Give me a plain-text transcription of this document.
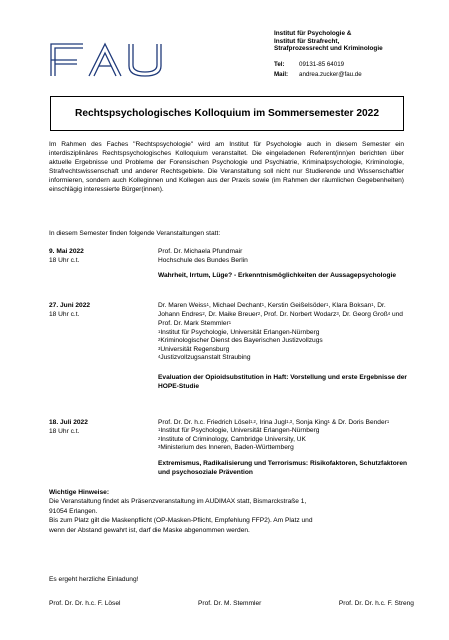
Institut für Psychologie &
Institut für Strafrecht,
Strafprozessrecht und Kriminologie
Tel:	09131-85 64019
Mail:	andrea.zucker@fau.de
Rechtspsychologisches Kolloquium im Sommersemester 2022
Im Rahmen des Faches "Rechtspsychologie" wird am Institut für Psychologie auch in diesem Semester ein interdisziplinäres Rechtspsychologisches Kolloquium veranstaltet. Die eingeladenen Referent(inn)en berichten über aktuelle Ergebnisse und Probleme der Forensischen Psychologie und Psychiatrie, Kriminalpsychologie, Kriminologie, Strafrechtswissenschaft und anderer Rechtsgebiete. Die Veranstaltung soll nicht nur Studierende und Wissenschaftler informieren, sondern auch Kolleginnen und Kollegen aus der Praxis sowie (im Rahmen der räumlichen Gegebenheiten) einschlägig interessierte Bürger(innen).
In diesem Semester finden folgende Veranstaltungen statt:
9. Mai 2022
18 Uhr c.t.
Prof. Dr. Michaela Pfundmair
Hochschule des Bundes Berlin
Wahrheit, Irrtum, Lüge? - Erkenntnismöglichkeiten der Aussagepsychologie
27. Juni 2022
18 Uhr c.t.
Dr. Maren Weiss$^1$, Michael Dechant$^1$, Kerstin Geißelsöder$^1$, Klara Boksan$^1$, Dr. Johann Endres$^2$, Dr. Maike Breuer$^2$, Prof. Dr. Norbert Wodarz$^3$, Dr. Georg Groß$^4$ und Prof. Dr. Mark Stemmler$^1$
$^1$Institut für Psychologie, Universität Erlangen-Nürnberg
$^2$Kriminologischer Dienst des Bayerischen Justizvollzugs
$^3$Universität Regensburg
$^4$Justizvollzugsanstalt Straubing
Evaluation der Opioidsubstitution in Haft: Vorstellung und erste Ergebnisse der HOPE-Studie
18. Juli 2022
18 Uhr c.t.
Prof. Dr. Dr. h.c. Friedrich Lösel$^{1,2}$, Irina Jugl$^{1,3}$, Sonja King$^1$ & Dr. Doris Bender$^1$
$^1$Institut für Psychologie, Universität Erlangen-Nürnberg
$^2$Institute of Criminology, Cambridge University, UK
$^3$Ministerium des Inneren, Baden-Württemberg
Extremismus, Radikalisierung und Terrorismus: Risikofaktoren, Schutzfaktoren und psychosoziale Prävention
Wichtige Hinweise:
Die Veranstaltung findet als Präsenzveranstaltung im AUDIMAX statt, Bismarckstraße 1,
91054 Erlangen.
Bis zum Platz gilt die Maskenpflicht (OP-Masken-Pflicht, Empfehlung FFP2). Am Platz und
wenn der Abstand gewahrt ist, darf die Maske abgenommen werden.
Es ergeht herzliche Einladung!
Prof. Dr. Dr. h.c. F. Lösel	Prof. Dr. M. Stemmler	Prof. Dr. Dr. h.c. F. Streng
